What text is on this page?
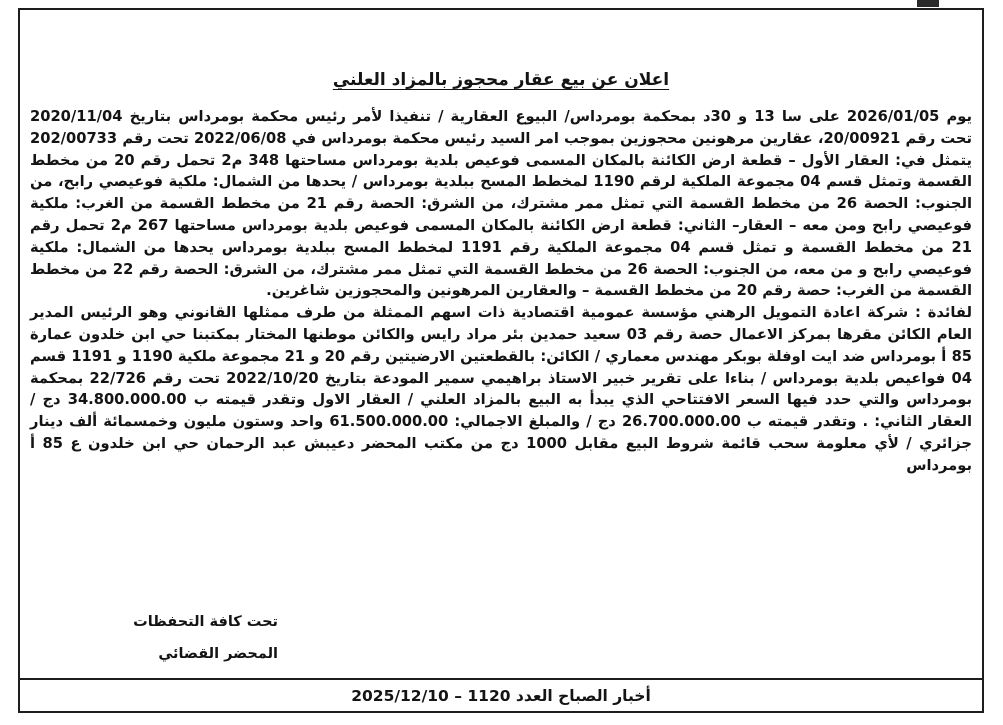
اعلان عن بيع عقار محجوز بالمزاد العلني

يوم 2026/01/05 على سا 13 و 30د بمحكمة بومرداس/ البيوع العقارية / تنفيذا لأمر رئيس محكمة بومرداس بتاريخ 2020/11/04 تحت رقم 20/00921، عقارين مرهونين محجوزين بموجب امر السيد رئيس محكمة بومرداس في 2022/06/08 تحت رقم 202/00733 يتمثل في: العقار الأول – قطعة ارض الكائنة بالمكان المسمى فوعيص بلدية بومرداس مساحتها 348 م2 تحمل رقم 20 من مخطط القسمة وتمثل قسم 04 مجموعة الملكية لرقم 1190 لمخطط المسح ببلدية بومرداس / يحدها من الشمال: ملكية فوعيصي رابح، من الجنوب: الحصة 26 من مخطط القسمة التي تمثل ممر مشترك، من الشرق: الحصة رقم 21 من مخطط القسمة من الغرب: ملكية فوعيصي رابح ومن معه – العقار– الثاني: قطعة ارض الكائنة بالمكان المسمى فوعيص بلدية بومرداس مساحتها 267 م2 تحمل رقم 21 من مخطط القسمة و تمثل قسم 04 مجموعة الملكية رقم 1191 لمخطط المسح ببلدية بومرداس يحدها من الشمال: ملكية فوعيصي رابح و من معه، من الجنوب: الحصة 26 من مخطط القسمة التي تمثل ممر مشترك، من الشرق: الحصة رقم 22 من مخطط القسمة من الغرب: حصة رقم 20 من مخطط القسمة – والعقارين المرهونين والمحجوزين شاغرين.

لفائدة : شركة اعادة التمويل الرهني مؤسسة عمومية اقتصادية ذات اسهم الممثلة من طرف ممثلها القانوني وهو الرئيس المدير العام الكائن مقرها بمركز الاعمال حصة رقم 03 سعيد حمدين بئر مراد رايس والكائن موطنها المختار بمكتبنا حي ابن خلدون عمارة 85 أ بومرداس ضد ايت اوفلة بوبكر مهندس معماري / الكائن: بالقطعتين الارضيتين رقم 20 و 21 مجموعة ملكية 1190 و 1191 قسم 04 فواعيص بلدية بومرداس / بناءا على تقرير خبير الاستاذ براهيمي سمير المودعة بتاريخ 2022/10/20 تحت رقم 22/726 بمحكمة بومرداس والتي حدد فيها السعر الافتتاحي الذي يبدأ به البيع بالمزاد العلني / العقار الاول وتقدر قيمته ب 34.800.000.00 دج / العقار الثاني: . وتقدر قيمته ب 26.700.000.00 دج / والمبلغ الاجمالي: 61.500.000.00 واحد وستون مليون وخمسمائة ألف دينار جزائري / لأي معلومة سحب قائمة شروط البيع مقابل 1000 دج من مكتب المحضر دعيبش عبد الرحمان حي ابن خلدون ع 85 أ بومرداس

تحت كافة التحفظات
المحضر القضائي
أخبار الصباح العدد 1120 – 2025/12/10
